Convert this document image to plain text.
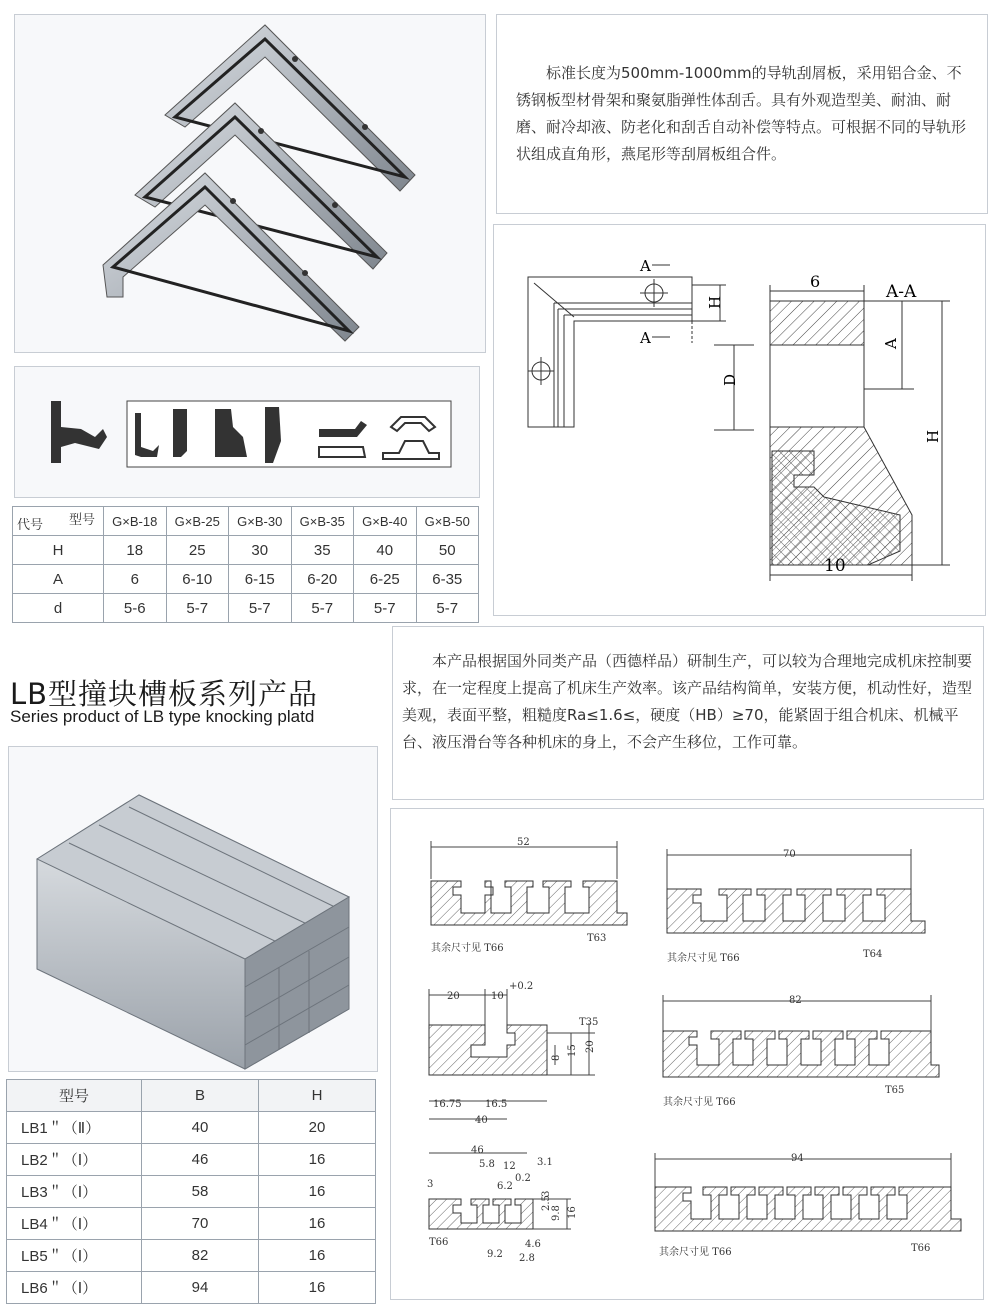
标准长度为500mm-1000mm的导轨刮屑板，采用铝合金、不锈钢板型材骨架和聚氨脂弹性体刮舌。具有外观造型美、耐油、耐磨、耐冷却液、防老化和刮舌自动补偿等特点。可根据不同的导轨形状组成直角形，燕尾形等刮屑板组合件。
A
A
H
D
6
A-A
A
H
10
型号
代号	G×B-18	G×B-25	G×B-30	G×B-35	G×B-40	G×B-50
H	18	25	30	35	40	50
A	6	6-10	6-15	6-20	6-25	6-35
d	5-6	5-7	5-7	5-7	5-7	5-7
LB型撞块槽板系列产品
Series product of LB type knocking platd
本产品根据国外同类产品（西德样品）研制生产，可以较为合理地完成机床控制要求，在一定程度上提高了机床生产效率。该产品结构简单，安装方便，机动性好，造型美观，表面平整，粗糙度Ra≤1.6≤，硬度（HB）≥70，能紧固于组合机床、机械平台、液压滑台等各种机床的身上，不会产生移位，工作可靠。
型号	B	H
LB1＂（Ⅱ）	40	20
LB2＂（Ⅰ）	46	16
LB3＂（Ⅰ）	58	16
LB4＂（Ⅰ）	70	16
LB5＂（Ⅰ）	82	16
LB6＂（Ⅰ）	94	16
52
其余尺寸见 T66
T63
70
其余尺寸见 T66	T64
20	10
+0.2
T35
8
15 20
16.75 16.5
40
82
其余尺寸见 T66
T65
46
5.8 12
0.2
3.1
6.2
3
3
2.5
9.8 16
4.6
9.2 2.8
T66
94
其余尺寸见 T66	T66
